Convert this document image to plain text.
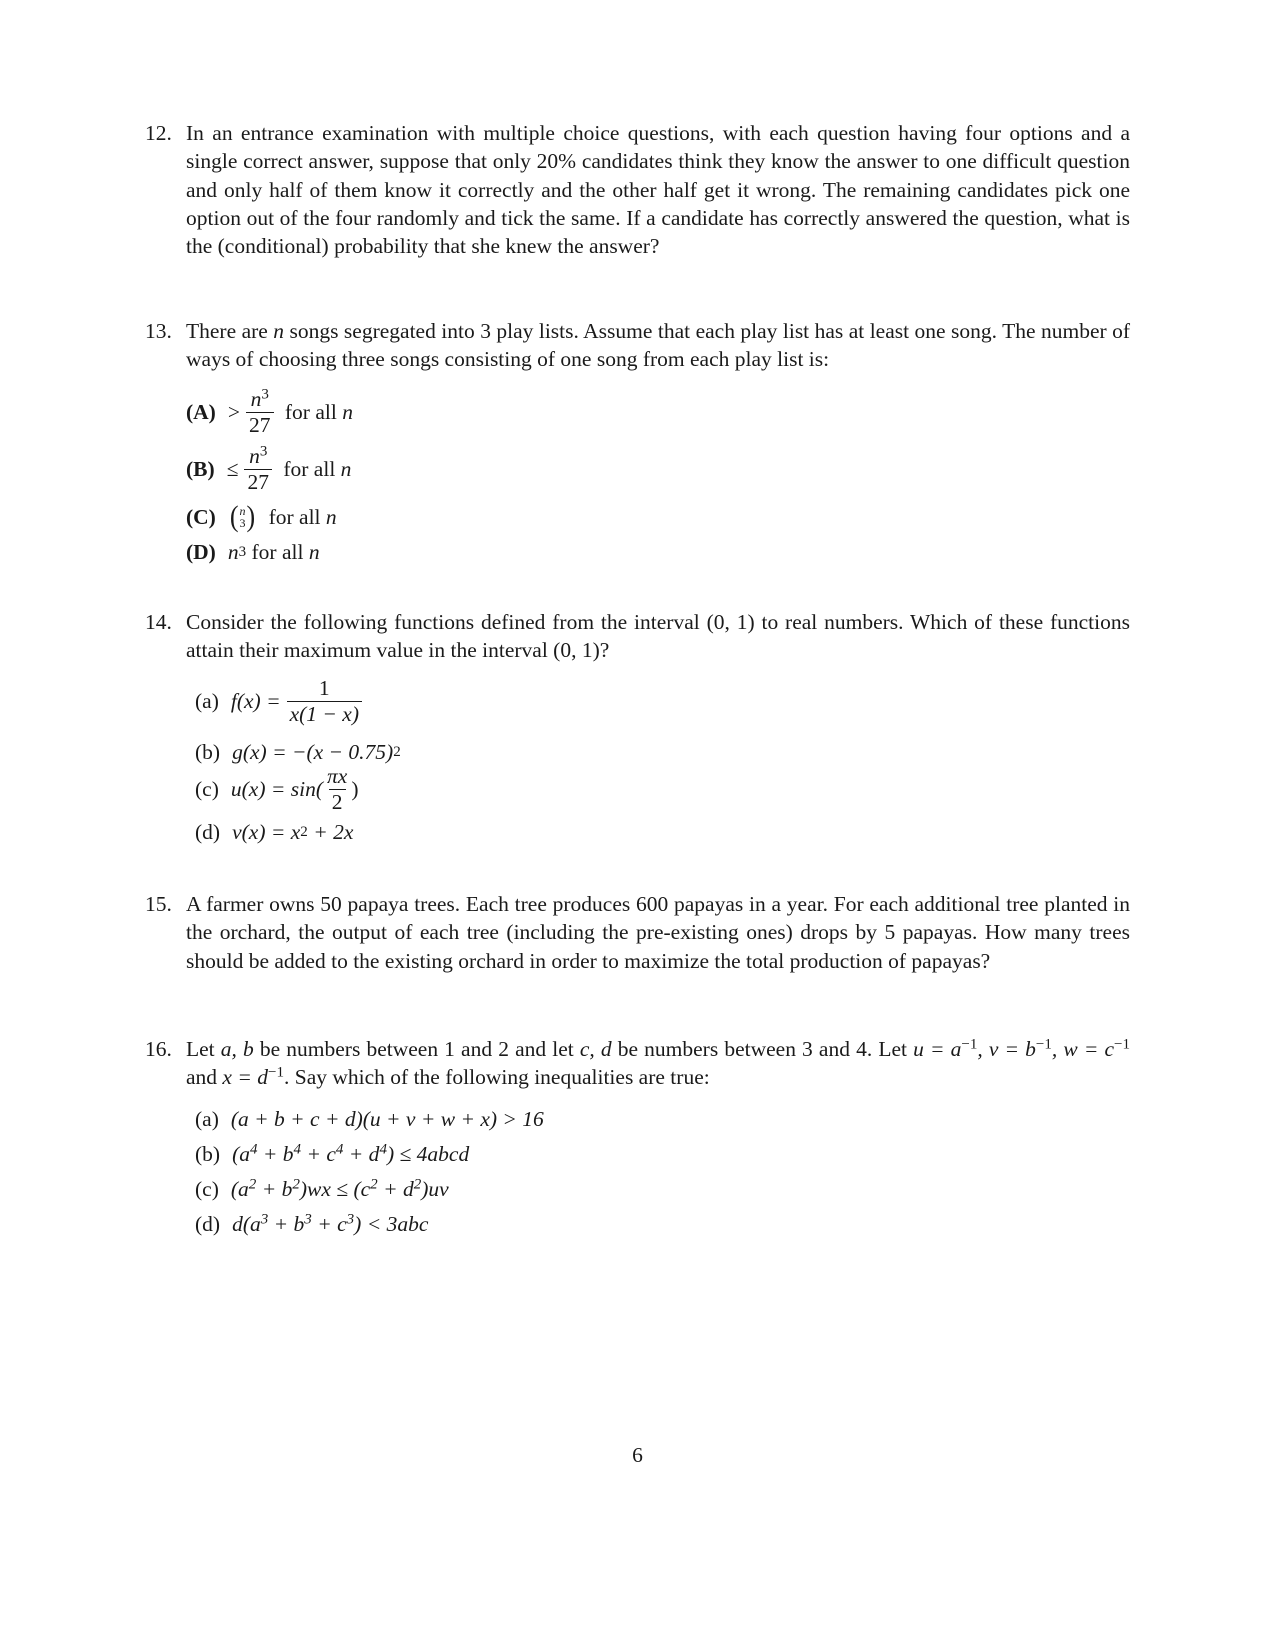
12. In an entrance examination with multiple choice questions, with each question having four options and a single correct answer, suppose that only 20% candidates think they know the answer to one difficult question and only half of them know it correctly and the other half get it wrong. The remaining candidates pick one option out of the four randomly and tick the same. If a candidate has correctly answered the question, what is the (conditional) probability that she knew the answer?
13. There are n songs segregated into 3 play lists. Assume that each play list has at least one song. The number of ways of choosing three songs consisting of one song from each play list is:
$(A) > \frac{n^3}{27}$ for all n
$(B) \le \frac{n^3}{27}$ for all n
(C) ( n
3 ) for all n
(D) n 3 for all n
14. Consider the following functions defined from the interval (0, 1) to real numbers. Which of these functions attain their maximum value in the interval (0, 1)?
(a) $f(x) = \frac{1}{x(1 - x)}$
(b) g(x) = −(x − 0.75) 2
(c) $u(x) = \sin( \frac{\pi x}{2}$ )
(d) v(x) = x 2 + 2x
15. A farmer owns 50 papaya trees. Each tree produces 600 papayas in a year. For each additional tree planted in the orchard, the output of each tree (including the pre-existing ones) drops by 5 papayas. How many trees should be added to the existing orchard in order to maximize the total production of papayas?
16. Let a, b be numbers between 1 and 2 and let c, d be numbers between 3 and 4. Let $u = a^{-1}$, $v = b^{-1}$, $w = c^{-1}$ and $x = d^{-1}$. Say which of the following inequalities are true:
(a) (a + b + c + d)(u + v + w + x) > 16
(b) $(a^4 + b^4 + c^4 + d^4)$ ≤ 4abcd
(c) $(a^2 + b^2)wx \le (c^2 + d^2)uv$
(d) $d(a^3 + b^3 + c^3) < 3abc$
6
